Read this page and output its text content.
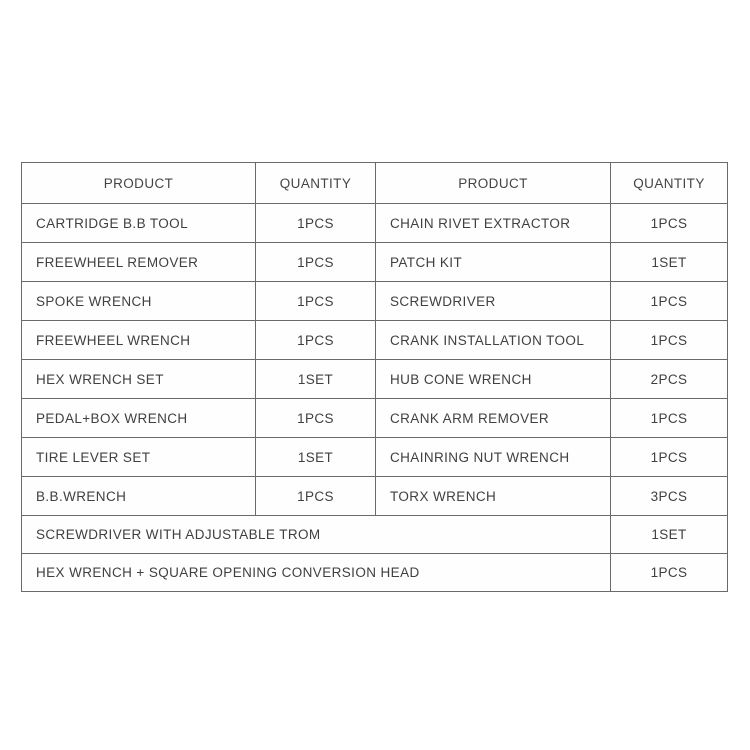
PRODUCT	QUANTITY	PRODUCT	QUANTITY
CARTRIDGE B.B TOOL	1PCS	CHAIN RIVET EXTRACTOR	1PCS
FREEWHEEL REMOVER	1PCS	PATCH KIT	1SET
SPOKE WRENCH	1PCS	SCREWDRIVER	1PCS
FREEWHEEL WRENCH	1PCS	CRANK INSTALLATION TOOL	1PCS
HEX WRENCH SET	1SET	HUB CONE WRENCH	2PCS
PEDAL+BOX WRENCH	1PCS	CRANK ARM REMOVER	1PCS
TIRE LEVER SET	1SET	CHAINRING NUT WRENCH	1PCS
B.B.WRENCH	1PCS	TORX WRENCH	3PCS
SCREWDRIVER WITH ADJUSTABLE TROM			1SET
HEX WRENCH + SQUARE OPENING CONVERSION HEAD			1PCS
